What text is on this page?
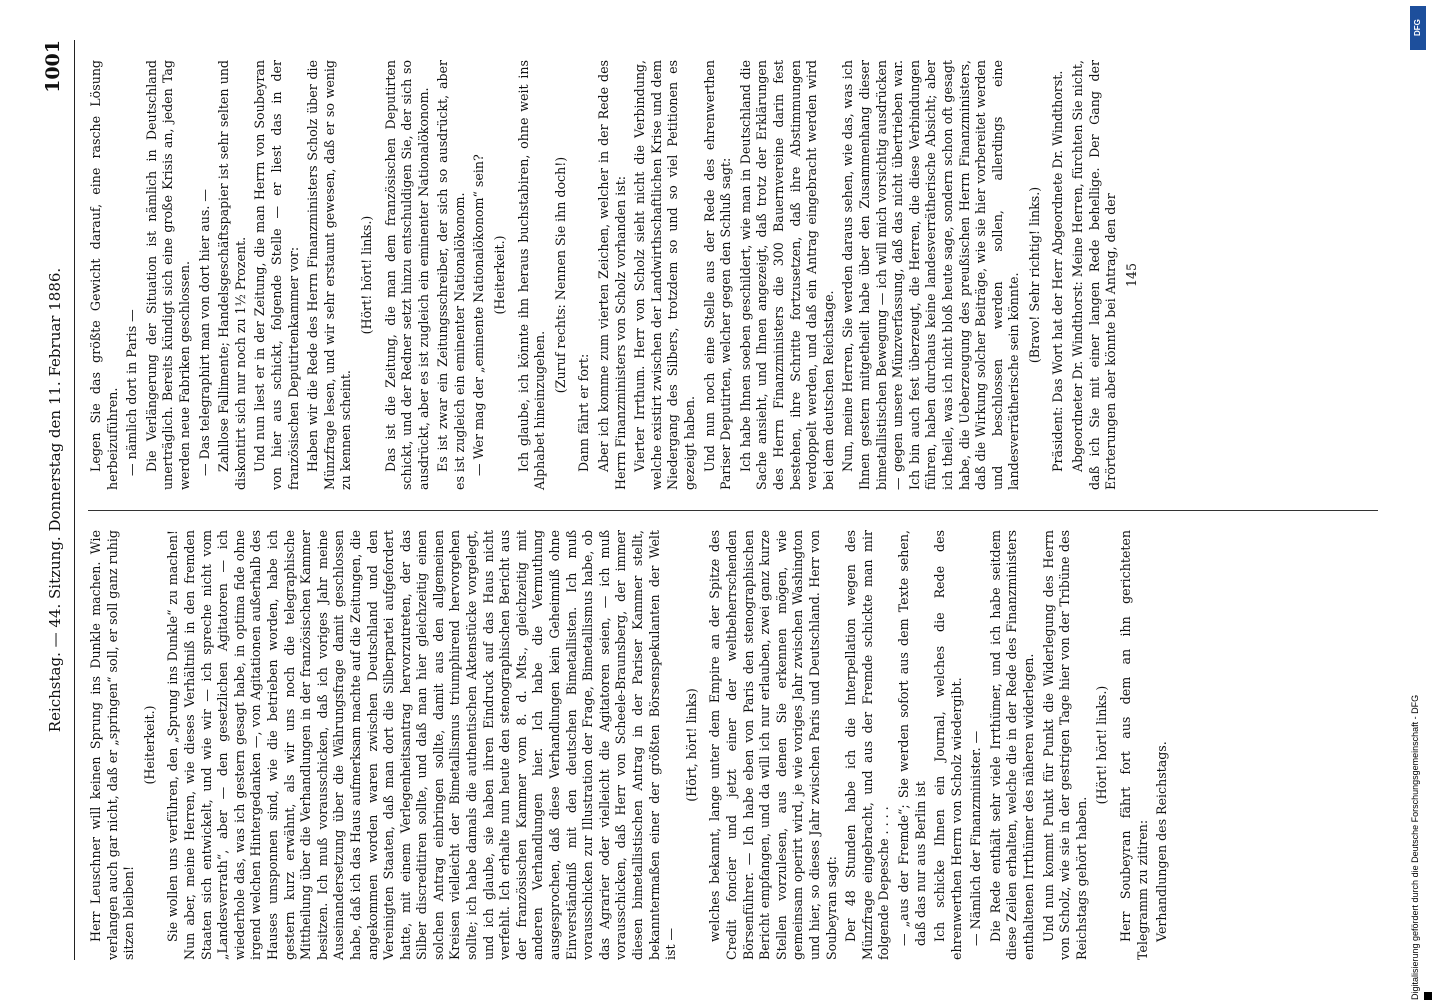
Reichstag. — 44. Sitzung. Donnerstag den 11. Februar 1886.
1001

Herr Leuschner will keinen Sprung ins Dunkle machen. Wie verlangen auch gar nicht, daß er „springen“ soll, er soll ganz ruhig sitzen bleiben!

(Heiterkeit.) Sie wollen uns verführen, den „Sprung ins Dunkle“ zu machen! Nun aber, meine Herren, wie dieses Verhältniß in den fremden Staaten sich entwickelt, und wie wir — ich spreche nicht vom „Landesverrath“, aber — den gesetzlichen Agitatoren — ich wiederhole das, was ich gestern gesagt habe, in optima fide ohne irgend welchen Hintergedanken —, von Agitationen außerhalb des Hauses umsponnen sind, wie die betrieben worden, habe ich gestern kurz erwähnt, als wir uns noch die telegraphische Mittheilung über die Verhandlungen in der französischen Kammer besitzen. Ich muß vorausschicken, daß ich voriges Jahr meine Auseinandersetzung über die Währungsfrage damit geschlossen habe, daß ich das Haus aufmerksam machte auf die Zeitungen, die angekommen worden waren zwischen Deutschland und den Vereinigten Staaten, daß man dort die Silberpartei aufgefordert hatte, mit einem Verlegenheitsantrag hervorzutreten, der das Silber discreditiren sollte, und daß man hier gleichzeitig einen solchen Antrag einbringen sollte, damit aus den allgemeinen Kreisen vielleicht der Bimetallismus triumphirend hervorgehen sollte; ich habe damals die authentischen Aktenstücke vorgelegt, und ich glaube, sie haben ihren Eindruck auf das Haus nicht verfehlt. Ich erhalte nun heute den stenographischen Bericht aus der französischen Kammer vom 8. d. Mts., gleichzeitig mit anderen Verhandlungen hier. Ich habe die Vermuthung ausgesprochen, daß diese Verhandlungen kein Geheimniß ohne Einverständniß mit den deutschen Bimetallisten. Ich muß vorausschicken zur Illustration der Frage, Bimetallismus habe, ob das Agrarier oder vielleicht die Agitatoren seien, — ich muß vorausschicken, daß Herr von Scheele-Braunsberg, der immer diesen bimetallistischen Antrag in der Pariser Kammer stellt, bekanntermaßen einer der größten Börsenspekulanten der Welt ist —

(Hört, hört! links) welches bekannt, lange unter dem Empire an der Spitze des Credit foncier und jetzt einer der weltbeherrschenden Börsenführer. — Ich habe eben von Paris den stenographischen Bericht empfangen, und da will ich nur erlauben, zwei ganz kurze Stellen vorzulesen, aus denen Sie erkennen mögen, wie gemeinsam operirt wird, je wie voriges Jahr zwischen Washington und hier, so dieses Jahr zwischen Paris und Deutschland. Herr von Soubeyran sagt: Der 48 Stunden habe ich die Interpellation wegen des Münzfrage eingebracht, und aus der Fremde schickte man mir folgende Depesche . . . . — „aus der Fremde“; Sie werden sofort aus dem Texte sehen, daß das nur aus Berlin ist Ich schicke Ihnen ein Journal, welches die Rede des ehrenwerthen Herrn von Scholz wiedergibt. — Nämlich der Finanzminister. — Die Rede enthält sehr viele Irrthümer, und ich habe seitdem diese Zeilen erhalten, welche die in der Rede des Finanzministers enthaltenen Irrthümer des näheren widerlegen. Und nun kommt Punkt für Punkt die Widerlegung des Herrn von Scholz, wie sie in der gestrigen Tage hier von der Tribüne des Reichstags gehört haben.

(Hört! hört! links.) Herr Soubeyran fährt fort aus dem an ihn gerichteten Telegramm zu zitiren: Verhandlungen des Reichstags.

Legen Sie das größte Gewicht darauf, eine rasche Lösung herbeizuführen. — nämlich dort in Paris — Die Verlängerung der Situation ist nämlich in Deutschland unerträglich. Bereits kündigt sich eine große Krisis an, jeden Tag werden neue Fabriken geschlossen. — Das telegraphirt man von dort hier aus. — Zahllose Fallimente; Handelsgeschäftspapier ist sehr selten und diskontirt sich nur noch zu 1½ Prozent. Und nun liest er in der Zeitung, die man Herrn von Soubeyran von hier aus schickt, folgende Stelle — er liest das in der französischen Deputirtenkammer vor: Haben wir die Rede des Herrn Finanzministers Scholz über die Münzfrage lesen, und wir sehr erstaunt gewesen, daß er so wenig zu kennen scheint.

(Hört! hört! links.) Das ist die Zeitung, die man dem französischen Deputirten schickt, und der Redner setzt hinzu entschuldigen Sie, der sich so ausdrückt, aber es ist zugleich ein eminenter Nationalökonom. Es ist zwar ein Zeitungsschreiber, der sich so ausdrückt, aber es ist zugleich ein eminenter Nationalökonom. — Wer mag der „eminente Nationalökonom“ sein? (Heiterkeit.) Ich glaube, ich könnte ihn heraus buchstabiren, ohne weit ins Alphabet hineinzugehen.

(Zuruf rechts: Nennen Sie ihn doch!)

Dann fährt er fort: Aber ich komme zum vierten Zeichen, welcher in der Rede des Herrn Finanzministers von Scholz vorhanden ist: Vierter Irrthum. Herr von Scholz sieht nicht die Verbindung, welche existirt zwischen der Landwirthschaftlichen Krise und dem Niedergang des Silbers, trotzdem so und so viel Petitionen es gezeigt haben. Und nun noch eine Stelle aus der Rede des ehrenwerthen Pariser Deputirten, welcher gegen den Schluß sagt: Ich habe Ihnen soeben geschildert, wie man in Deutschland die Sache ansieht, und Ihnen angezeigt, daß trotz der Erklärungen des Herrn Finanzministers die 300 Bauernvereine darin fest bestehen, ihre Schritte fortzusetzen, daß ihre Abstimmungen verdoppelt werden, und daß ein Antrag eingebracht werden wird bei dem deutschen Reichstage. Nun, meine Herren, Sie werden daraus sehen, wie das, was ich Ihnen gestern mitgetheilt habe über den Zusammenhang dieser bimetallistischen Bewegung — ich will mich vorsichtig ausdrücken — gegen unsere Münzverfassung, daß das nicht übertrieben war. Ich bin auch fest überzeugt, die Herren, die diese Verbindungen führen, haben durchaus keine landesverrätherische Absicht; aber ich theile, was ich nicht bloß heute sage, sondern schon oft gesagt habe, die Ueberzeugung des preußischen Herrn Finanzministers, daß die Wirkung solcher Beiträge, wie sie hier vorbereitet werden und beschlossen werden sollen, allerdings eine landesverrätherische sein könnte. (Bravo! Sehr richtig! links.) Präsident: Das Wort hat der Herr Abgeordnete Dr. Windthorst. Abgeordneter Dr. Windthorst: Meine Herren, fürchten Sie nicht, daß ich Sie mit einer langen Rede behellige. Der Gang der Erörterungen aber könnte bei Antrag, den der 145

Digitalisierung gefördert durch die Deutsche Forschungsgemeinschaft - DFG
DFG
